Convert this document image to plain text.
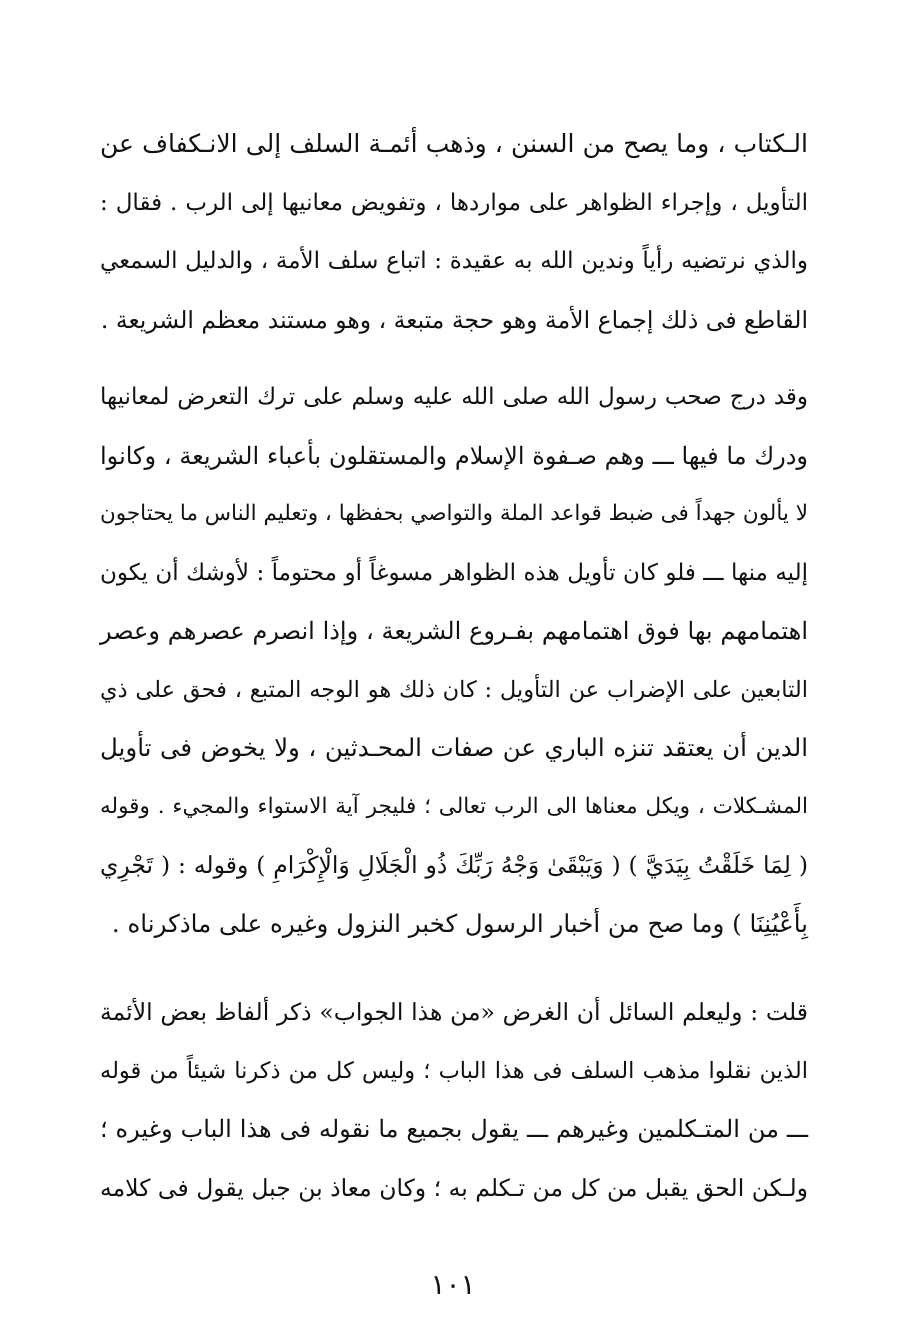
الـكتاب ، وما يصح من السنن ، وذهب أئمـة السلف إلى الانـكفاف عن
التأويل ، وإجراء الظواهر على مواردها ، وتفويض معانيها إلى الرب . فقال :
والذي نرتضيه رأياً وندين الله به عقيدة : اتباع سلف الأمة ، والدليل السمعي
القاطع فى ذلك إجماع الأمة وهو حجة متبعة ، وهو مستند معظم الشريعة .

وقد درج صحب رسول الله صلى الله عليه وسلم على ترك التعرض لمعانيها
ودرك ما فيها ـــ وهم صـفوة الإسلام والمستقلون بأعباء الشريعة ، وكانوا
لا يألون جهداً فى ضبط قواعد الملة والتواصي بحفظها ، وتعليم الناس ما يحتاجون
إليه منها ـــ فلو كان تأويل هذه الظواهر مسوغاً أو محتوماً : لأوشك أن يكون
اهتمامهم بها فوق اهتمامهم بفـروع الشريعة ، وإذا انصرم عصرهم وعصر
التابعين على الإضراب عن التأويل : كان ذلك هو الوجه المتبع ، فحق على ذي
الدين أن يعتقد تنزه الباري عن صفات المحـدثين ، ولا يخوض فى تأويل
المشـكلات ، ويكل معناها الى الرب تعالى ؛ فليجر آية الاستواء والمجيء . وقوله
( لِمَا خَلَقْتُ بِيَدَيَّ ) ( وَيَبْقَىٰ وَجْهُ رَبِّكَ ذُو الْجَلَالِ وَالْإِكْرَامِ ) وقوله : ( تَجْرِي
بِأَعْيُنِنَا ) وما صح من أخبار الرسول كخبر النزول وغيره على ماذكرناه .

قلت : وليعلم السائل أن الغرض «من هذا الجواب» ذكر ألفاظ بعض الأئمة
الذين نقلوا مذهب السلف فى هذا الباب ؛ وليس كل من ذكرنا شيئاً من قوله
ـــ من المتـكلمين وغيرهم ـــ يقول بجميع ما نقوله فى هذا الباب وغيره ؛
ولـكن الحق يقبل من كل من تـكلم به ؛ وكان معاذ بن جبل يقول فى كلامه

١٠١
